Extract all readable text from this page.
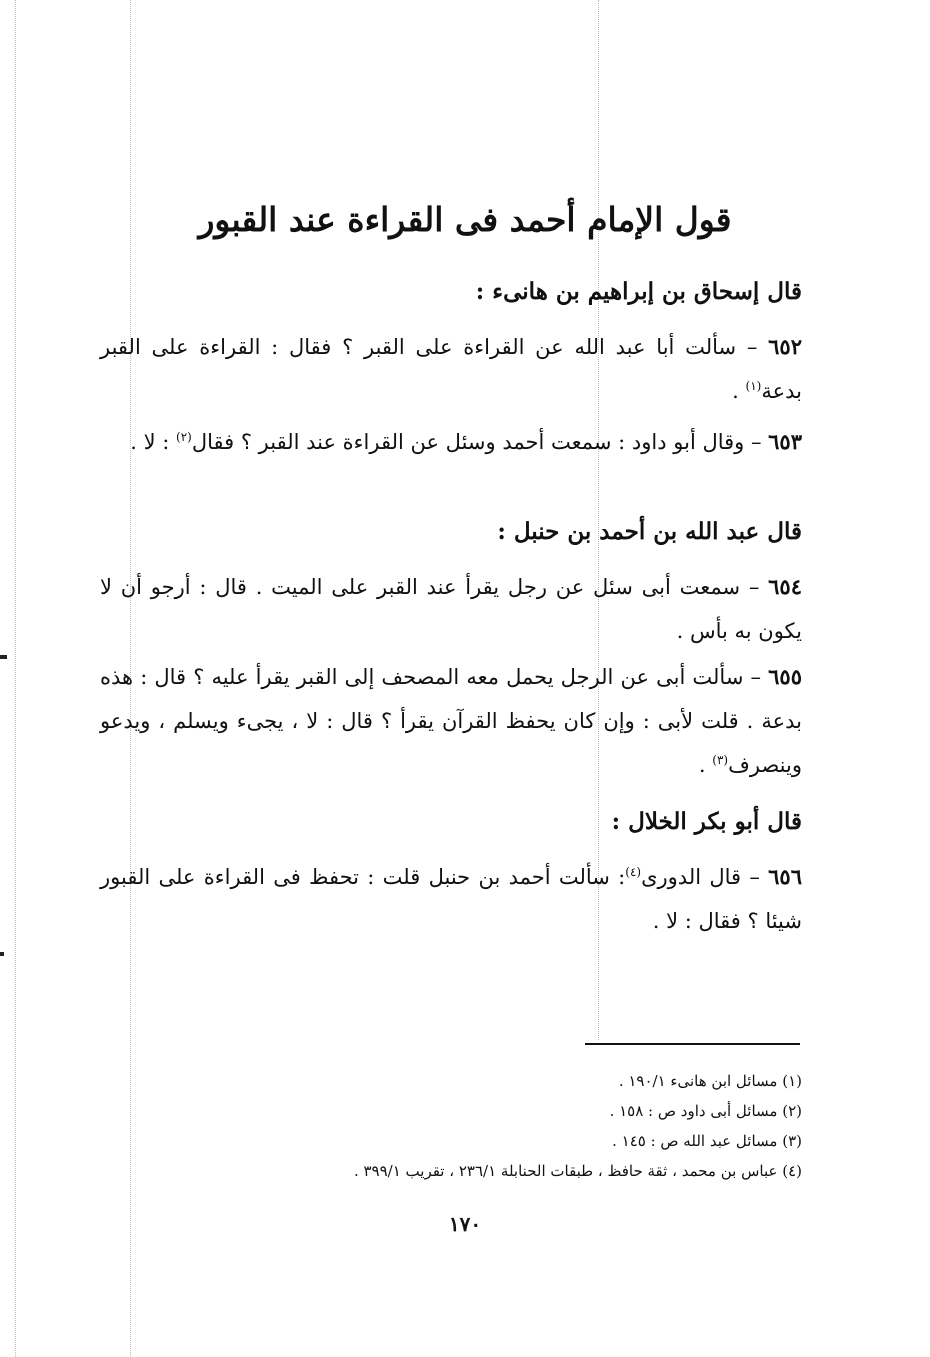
قول الإمام أحمد فى القراءة عند القبور
قال إسحاق بن إبراهيم بن هانىء :
٦٥٢ – سألت أبا عبد الله عن القراءة على القبر ؟ فقال : القراءة على القبر بدعة$^{(١)}$ .
٦٥٣ – وقال أبو داود : سمعت أحمد وسئل عن القراءة عند القبر ؟ فقال$^{(٢)}$ : لا .
قال عبد الله بن أحمد بن حنبل :
٦٥٤ – سمعت أبى سئل عن رجل يقرأ عند القبر على الميت . قال : أرجو أن لا يكون به بأس .
٦٥٥ – سألت أبى عن الرجل يحمل معه المصحف إلى القبر يقرأ عليه ؟ قال : هذه بدعة . قلت لأبى : وإن كان يحفظ القرآن يقرأ ؟ قال : لا ، يجىء ويسلم ، ويدعو وينصرف$^{(٣)}$ .
قال أبو بكر الخلال :
٦٥٦ – قال الدورى$^{(٤)}$: سألت أحمد بن حنبل قلت : تحفظ فى القراءة على القبور شيئا ؟ فقال : لا .
(١) مسائل ابن هانىء ١٩٠/١ .
(٢) مسائل أبى داود ص : ١٥٨ .
(٣) مسائل عبد الله ص : ١٤٥ .
(٤) عباس بن محمد ، ثقة حافظ ، طبقات الحنابلة ٢٣٦/١ ، تقريب ٣٩٩/١ .
١٧٠
